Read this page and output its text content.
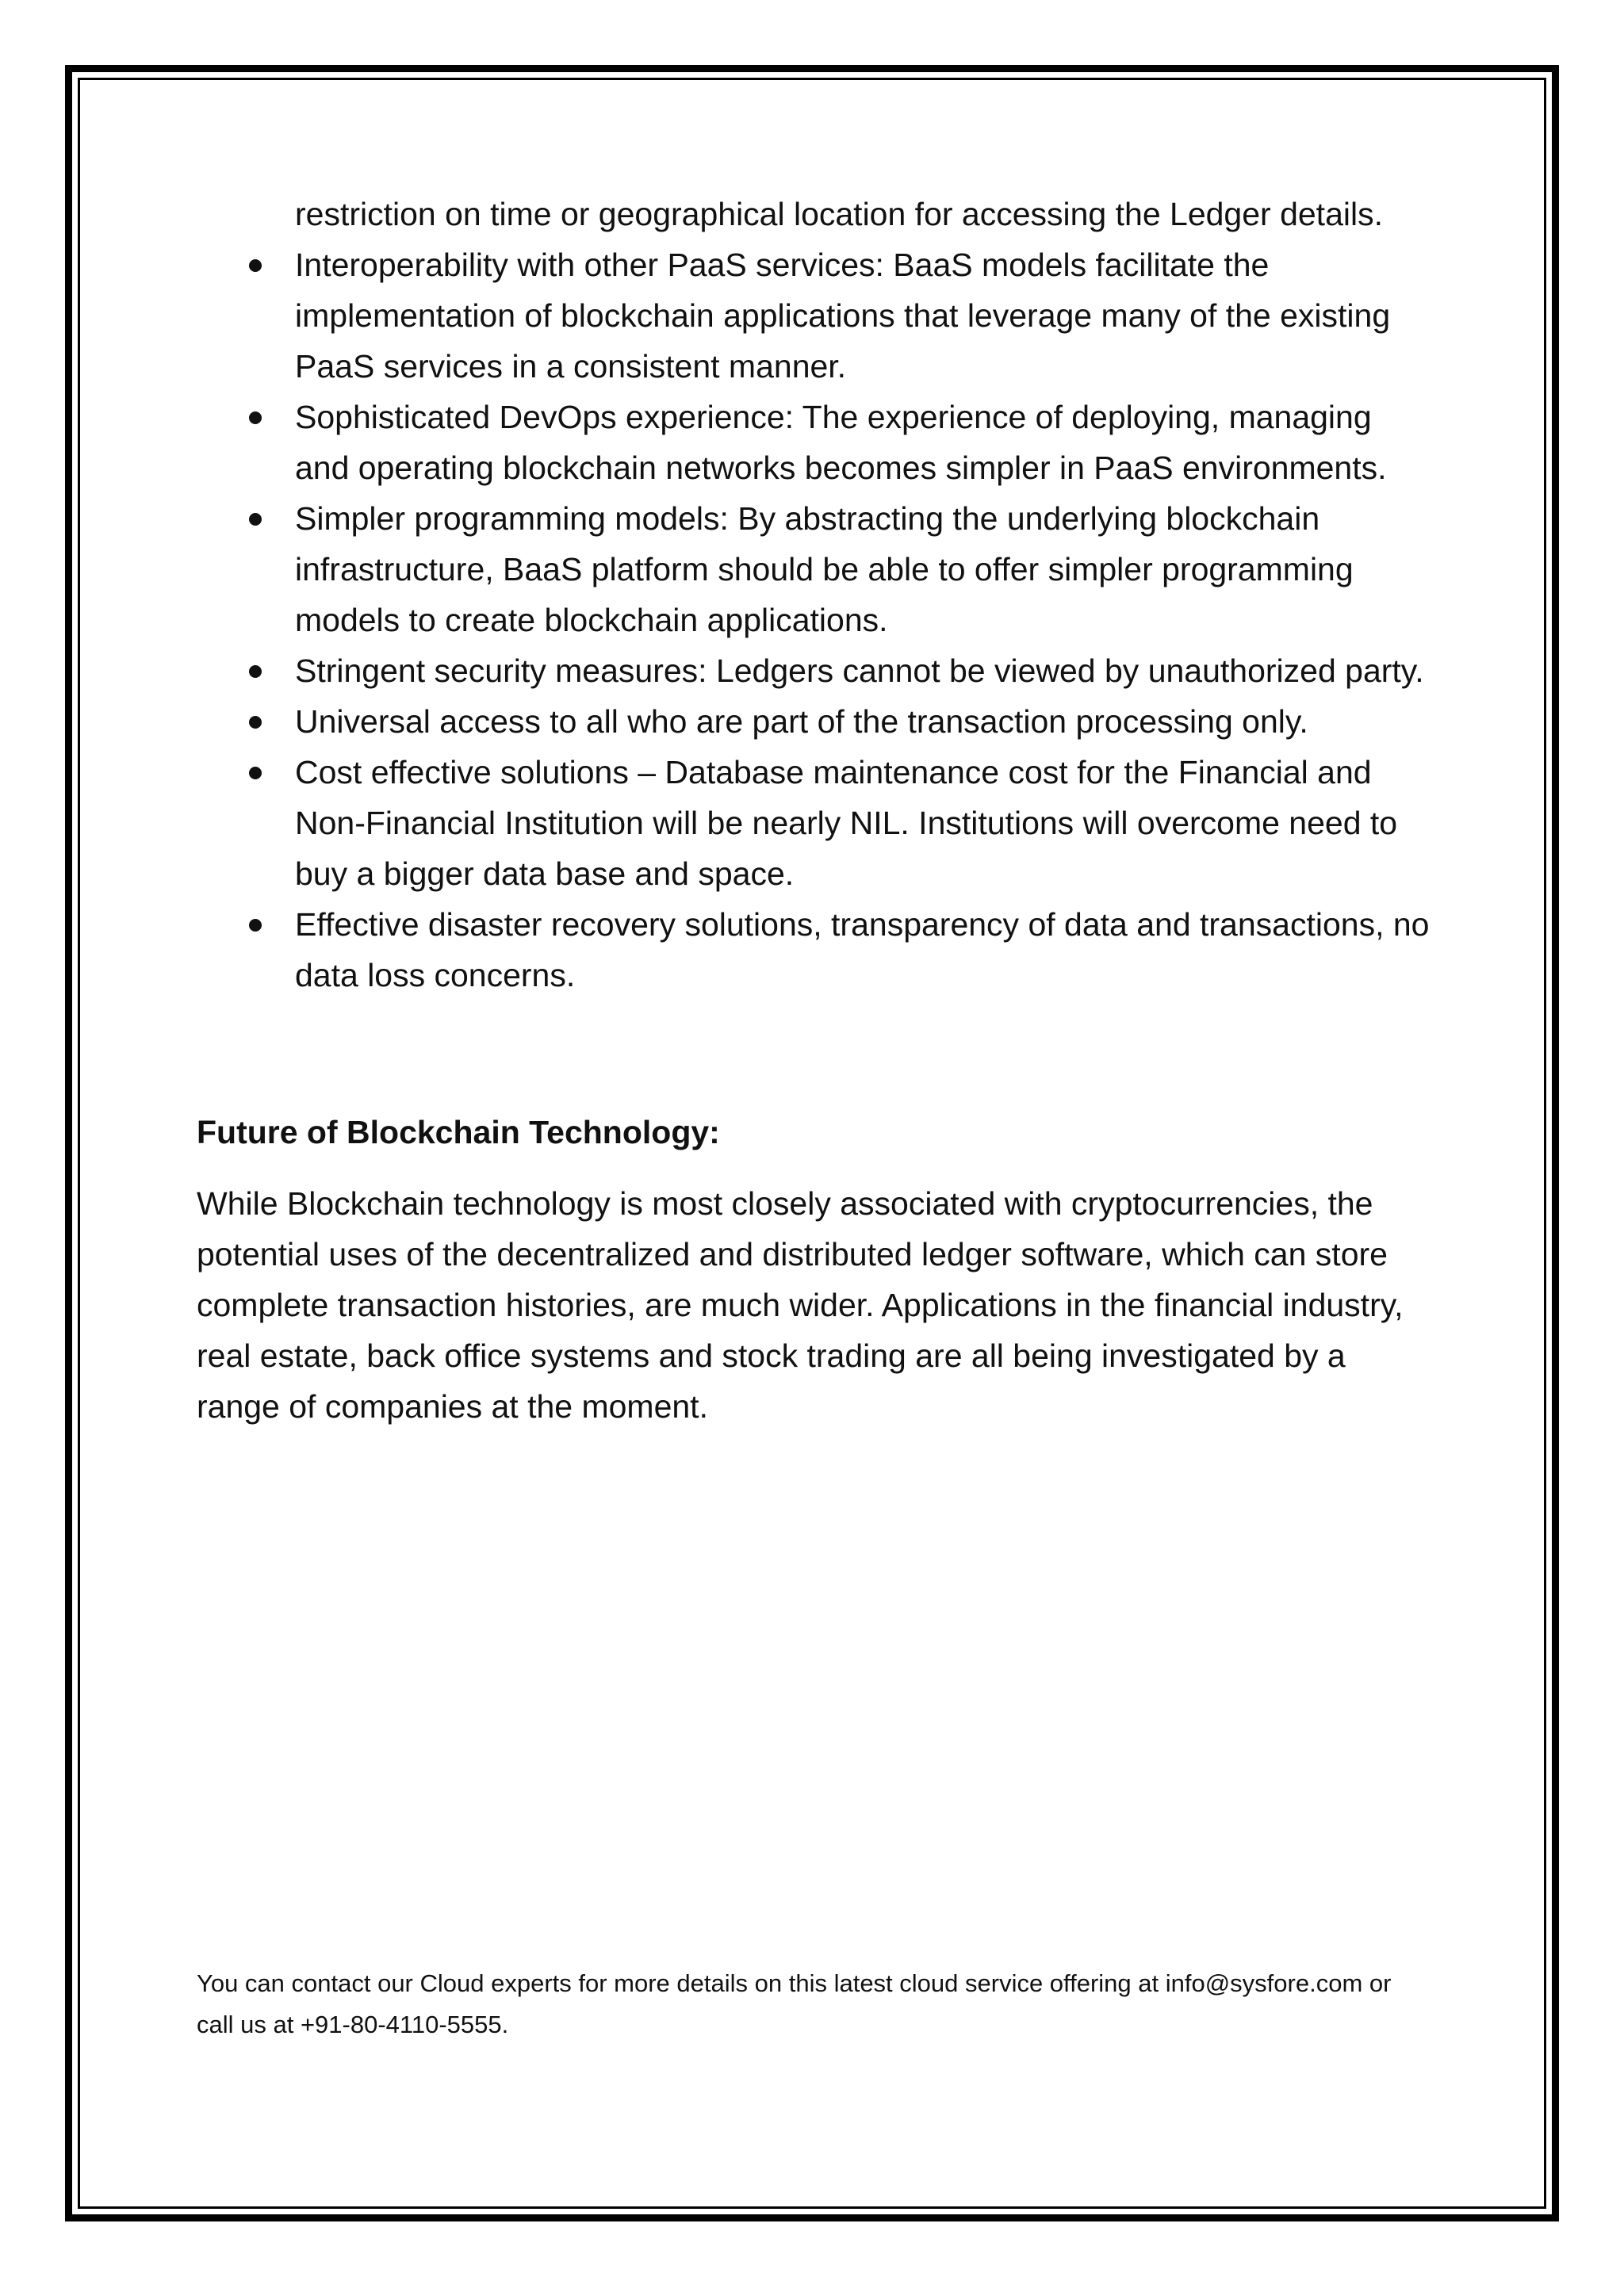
restriction on time or geographical location for accessing the Ledger details.

Interoperability with other PaaS services: BaaS models facilitate the implementation of blockchain applications that leverage many of the existing PaaS services in a consistent manner.
Sophisticated DevOps experience: The experience of deploying, managing and operating blockchain networks becomes simpler in PaaS environments.
Simpler programming models: By abstracting the underlying blockchain infrastructure, BaaS platform should be able to offer simpler programming models to create blockchain applications.
Stringent security measures: Ledgers cannot be viewed by unauthorized party.
Universal access to all who are part of the transaction processing only.
Cost effective solutions – Database maintenance cost for the Financial and Non-Financial Institution will be nearly NIL. Institutions will overcome need to buy a bigger data base and space.
Effective disaster recovery solutions, transparency of data and transactions, no data loss concerns.
Future of Blockchain Technology:

While Blockchain technology is most closely associated with cryptocurrencies, the potential uses of the decentralized and distributed ledger software, which can store complete transaction histories, are much wider. Applications in the financial industry, real estate, back office systems and stock trading are all being investigated by a range of companies at the moment.

You can contact our Cloud experts for more details on this latest cloud service offering at info@sysfore.com or call us at +91-80-4110-5555.
